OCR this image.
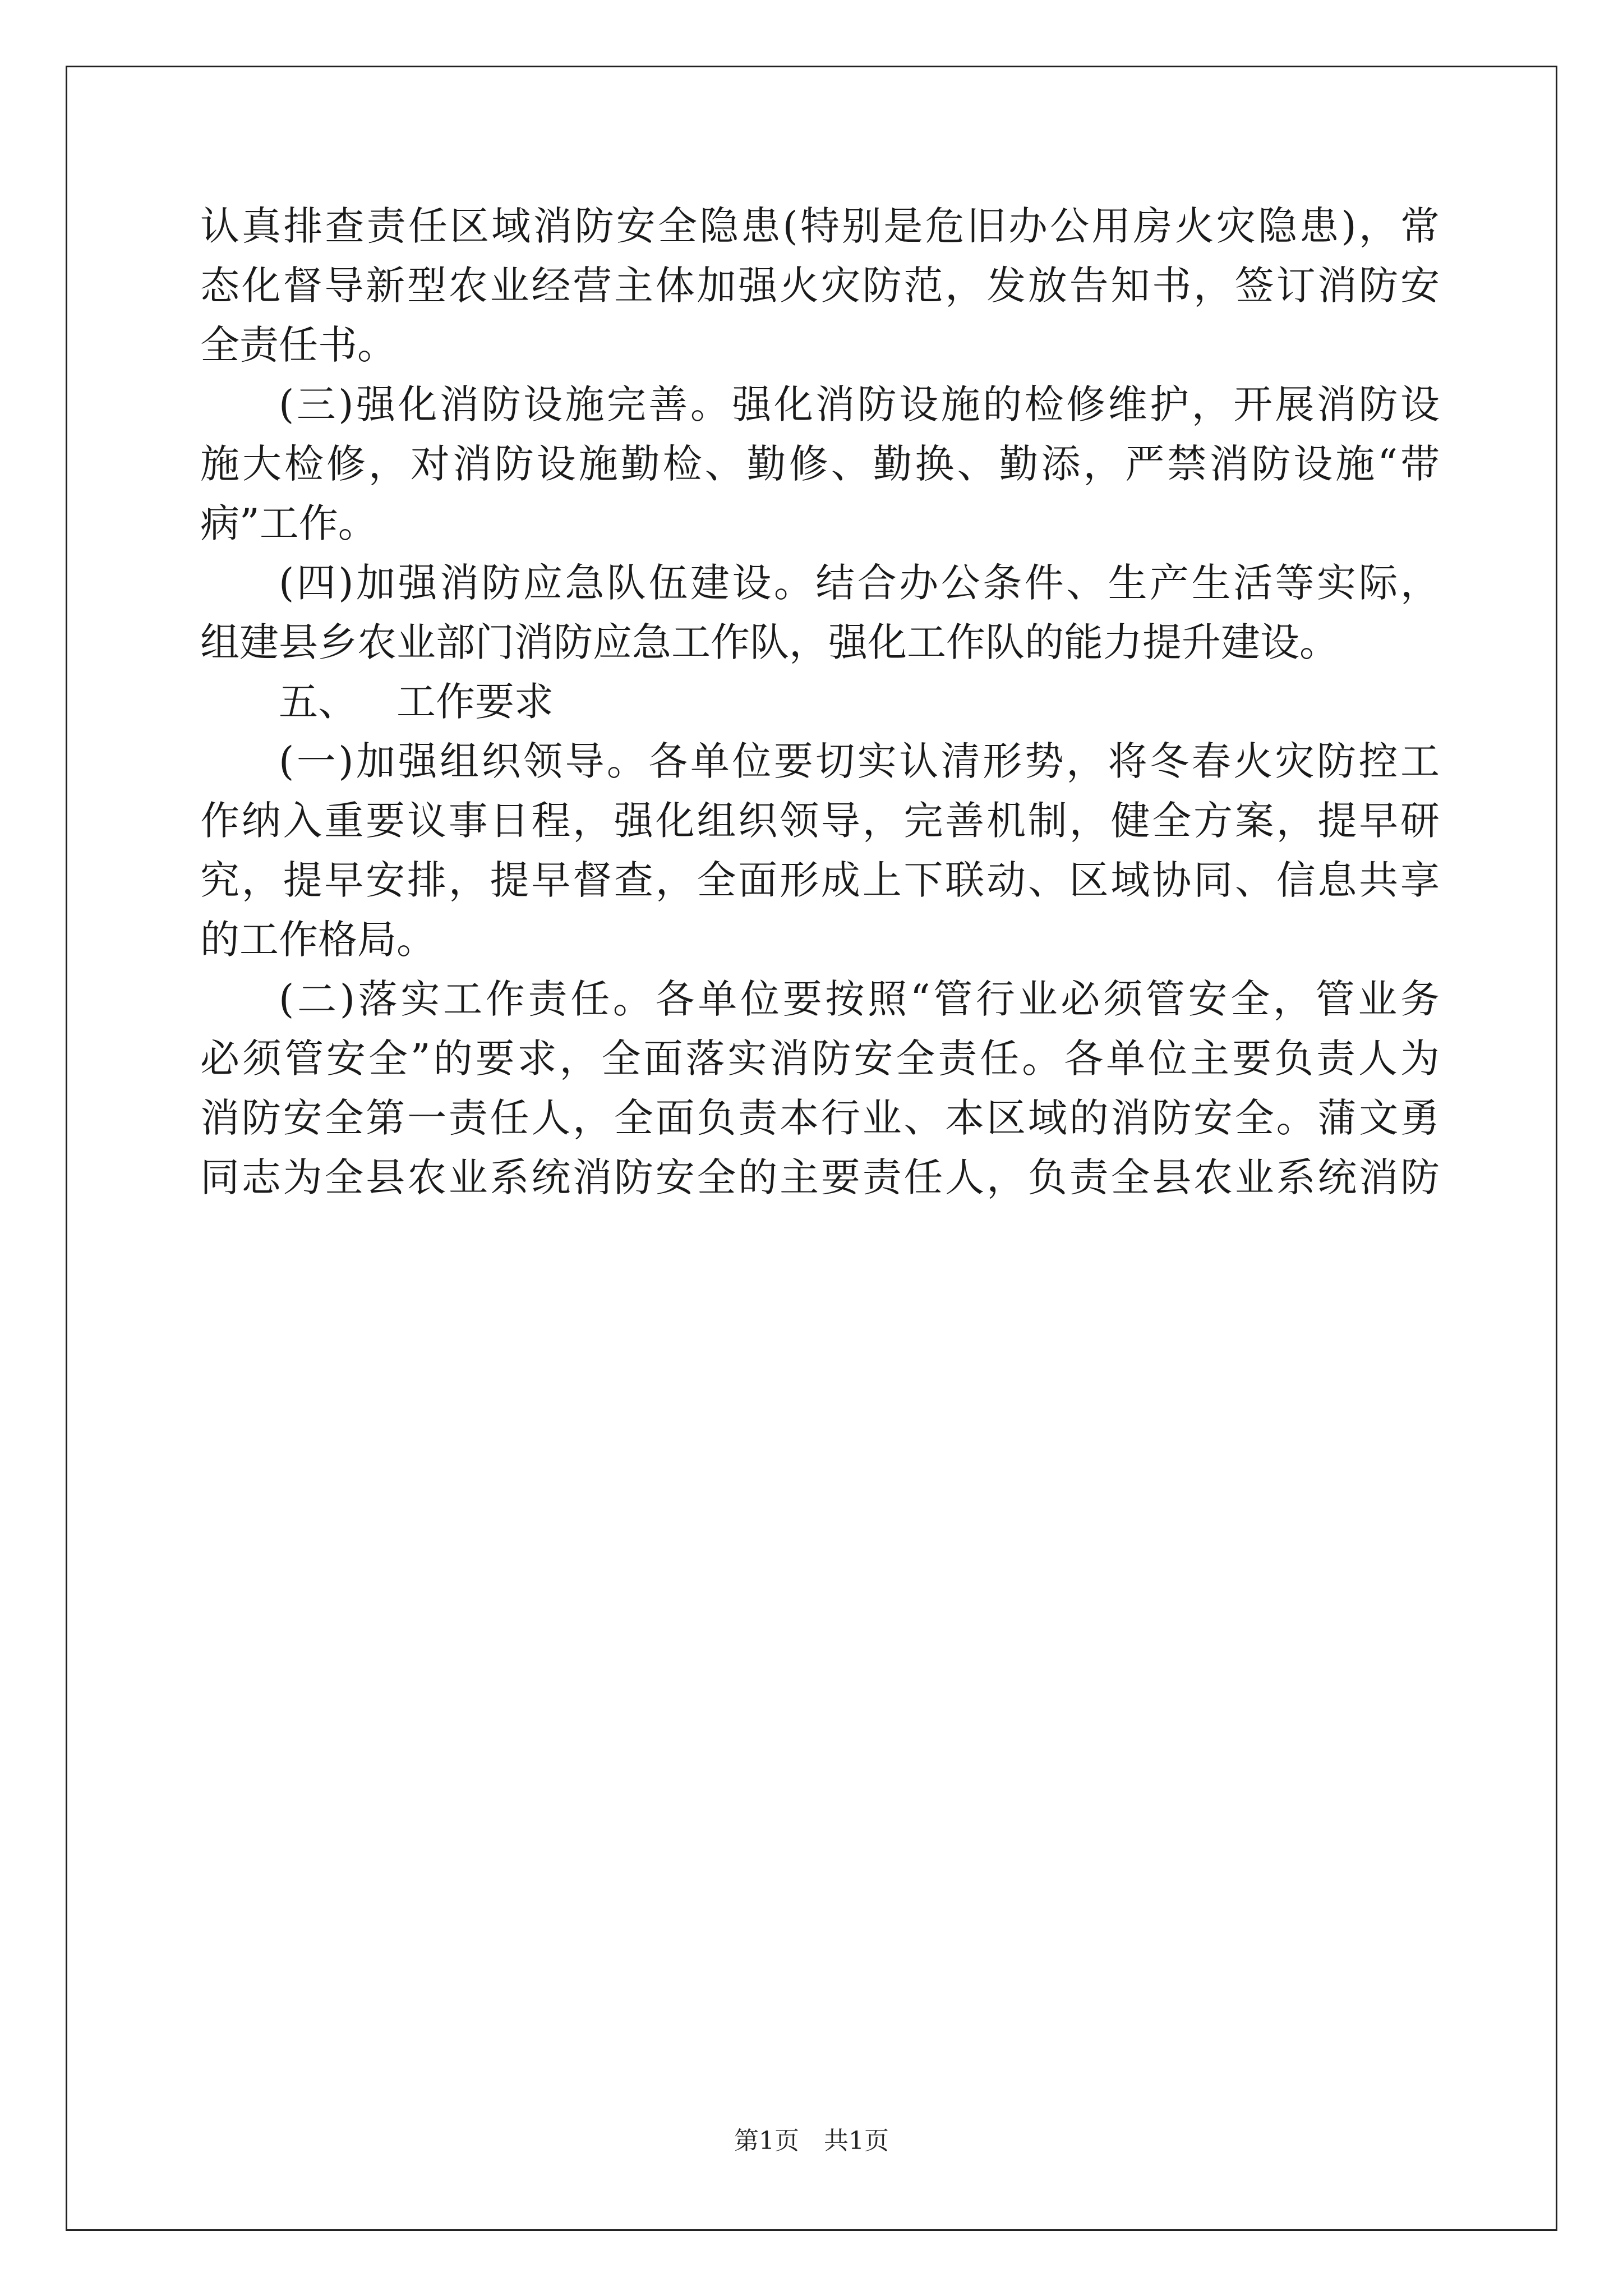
认真排查责任区域消防安全隐患(特别是危旧办公用房火灾隐患)，常
态化督导新型农业经营主体加强火灾防范，发放告知书，签订消防安
全责任书。
(三)强化消防设施完善。强化消防设施的检修维护，开展消防设
施大检修，对消防设施勤检、勤修、勤换、勤添，严禁消防设施“带
病”工作。
(四)加强消防应急队伍建设。结合办公条件、生产生活等实际，
组建县乡农业部门消防应急工作队，强化工作队的能力提升建设。
五、 工作要求
(一)加强组织领导。各单位要切实认清形势，将冬春火灾防控工
作纳入重要议事日程，强化组织领导，完善机制，健全方案，提早研
究，提早安排，提早督查，全面形成上下联动、区域协同、信息共享
的工作格局。
(二)落实工作责任。各单位要按照“管行业必须管安全，管业务
必须管安全”的要求，全面落实消防安全责任。各单位主要负责人为
消防安全第一责任人，全面负责本行业、本区域的消防安全。蒲文勇
同志为全县农业系统消防安全的主要责任人，负责全县农业系统消防
第1页　共1页
